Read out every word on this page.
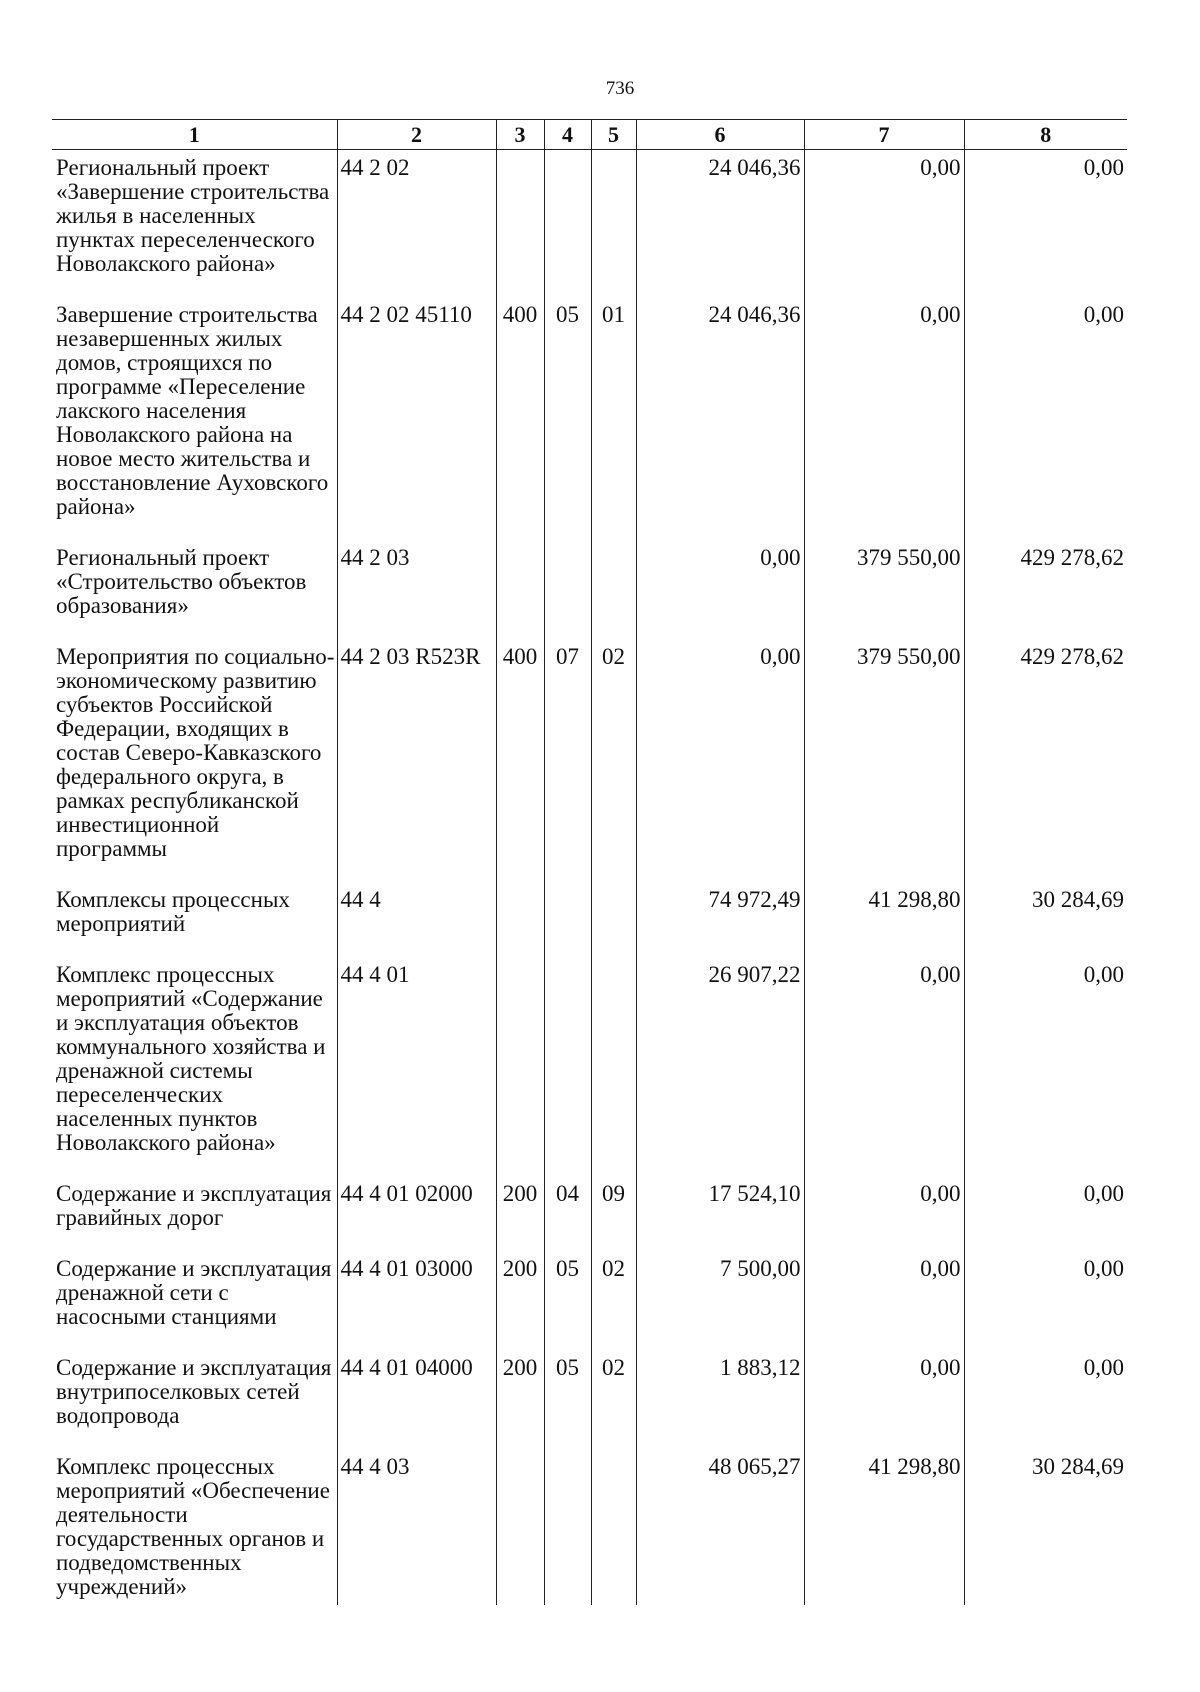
736
1	2	3	4	5	6	7	8
Региональный проект «Завершение строительства жилья в населенных пунктах переселенческого Новолакского района»	44 2 02				24 046,36	0,00	0,00
Завершение строительства незавершенных жилых домов, строящихся по программе «Переселение лакского населения Новолакского района на новое место жительства и восстановление Ауховского района»	44 2 02 45110	400	05	01	24 046,36	0,00	0,00
Региональный проект «Строительство объектов образования»	44 2 03				0,00	379 550,00	429 278,62
Мероприятия по социально-экономическому развитию субъектов Российской Федерации, входящих в состав Северо-Кавказского федерального округа, в рамках республиканской инвестиционной программы	44 2 03 R523R	400	07	02	0,00	379 550,00	429 278,62
Комплексы процессных мероприятий	44 4				74 972,49	41 298,80	30 284,69
Комплекс процессных мероприятий «Содержание и эксплуатация объектов коммунального хозяйства и дренажной системы переселенческих населенных пунктов Новолакского района»	44 4 01				26 907,22	0,00	0,00
Содержание и эксплуатация гравийных дорог	44 4 01 02000	200	04	09	17 524,10	0,00	0,00
Содержание и эксплуатация дренажной сети с насосными станциями	44 4 01 03000	200	05	02	7 500,00	0,00	0,00
Содержание и эксплуатация внутрипоселковых сетей водопровода	44 4 01 04000	200	05	02	1 883,12	0,00	0,00
Комплекс процессных мероприятий «Обеспечение деятельности государственных органов и подведомственных учреждений»	44 4 03				48 065,27	41 298,80	30 284,69
